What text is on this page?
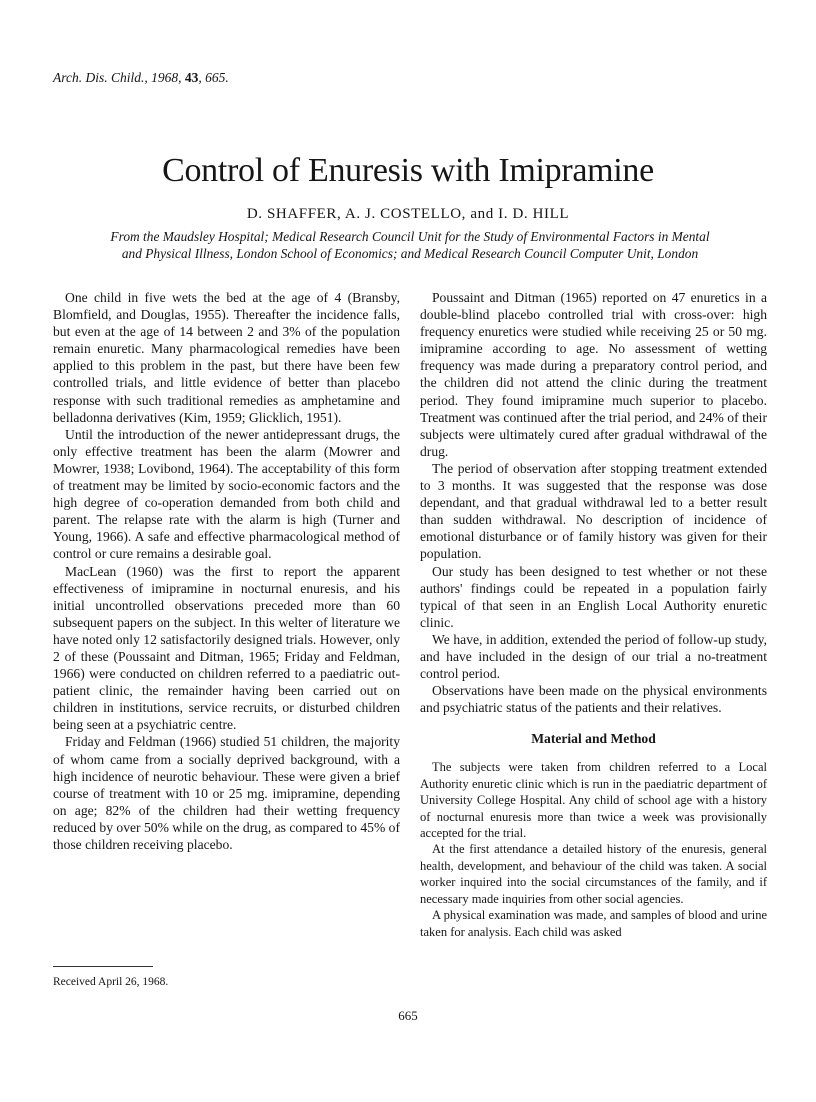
Arch. Dis. Child., 1968, 43, 665.
Control of Enuresis with Imipramine
D. SHAFFER, A. J. COSTELLO, and I. D. HILL
From the Maudsley Hospital; Medical Research Council Unit for the Study of Environmental Factors in Mental and Physical Illness, London School of Economics; and Medical Research Council Computer Unit, London

One child in five wets the bed at the age of 4 (Bransby, Blomfield, and Douglas, 1955). Thereafter the incidence falls, but even at the age of 14 between 2 and 3% of the population remain enuretic. Many pharmacological remedies have been applied to this problem in the past, but there have been few controlled trials, and little evidence of better than placebo response with such traditional remedies as amphetamine and belladonna derivatives (Kim, 1959; Glicklich, 1951).

Until the introduction of the newer antidepressant drugs, the only effective treatment has been the alarm (Mowrer and Mowrer, 1938; Lovibond, 1964). The acceptability of this form of treatment may be limited by socio-economic factors and the high degree of co-operation demanded from both child and parent. The relapse rate with the alarm is high (Turner and Young, 1966). A safe and effective pharmacological method of control or cure remains a desirable goal.

MacLean (1960) was the first to report the apparent effectiveness of imipramine in nocturnal enuresis, and his initial uncontrolled observations preceded more than 60 subsequent papers on the subject. In this welter of literature we have noted only 12 satisfactorily designed trials. However, only 2 of these (Poussaint and Ditman, 1965; Friday and Feldman, 1966) were conducted on children referred to a paediatric out-patient clinic, the remainder having been carried out on children in institutions, service recruits, or disturbed children being seen at a psychiatric centre.

Friday and Feldman (1966) studied 51 children, the majority of whom came from a socially deprived background, with a high incidence of neurotic behaviour. These were given a brief course of treatment with 10 or 25 mg. imipramine, depending on age; 82% of the children had their wetting frequency reduced by over 50% while on the drug, as compared to 45% of those children receiving placebo.

Poussaint and Ditman (1965) reported on 47 enuretics in a double-blind placebo controlled trial with cross-over: high frequency enuretics were studied while receiving 25 or 50 mg. imipramine according to age. No assessment of wetting frequency was made during a preparatory control period, and the children did not attend the clinic during the treatment period. They found imipramine much superior to placebo. Treatment was continued after the trial period, and 24% of their subjects were ultimately cured after gradual withdrawal of the drug.

The period of observation after stopping treatment extended to 3 months. It was suggested that the response was dose dependant, and that gradual withdrawal led to a better result than sudden withdrawal. No description of incidence of emotional disturbance or of family history was given for their population.

Our study has been designed to test whether or not these authors' findings could be repeated in a population fairly typical of that seen in an English Local Authority enuretic clinic.

We have, in addition, extended the period of follow-up study, and have included in the design of our trial a no-treatment control period.

Observations have been made on the physical environments and psychiatric status of the patients and their relatives.

Material and Method

The subjects were taken from children referred to a Local Authority enuretic clinic which is run in the paediatric department of University College Hospital. Any child of school age with a history of nocturnal enuresis more than twice a week was provisionally accepted for the trial.

At the first attendance a detailed history of the enuresis, general health, development, and behaviour of the child was taken. A social worker inquired into the social circumstances of the family, and if necessary made inquiries from other social agencies.

A physical examination was made, and samples of blood and urine taken for analysis. Each child was asked

Received April 26, 1968.
665
